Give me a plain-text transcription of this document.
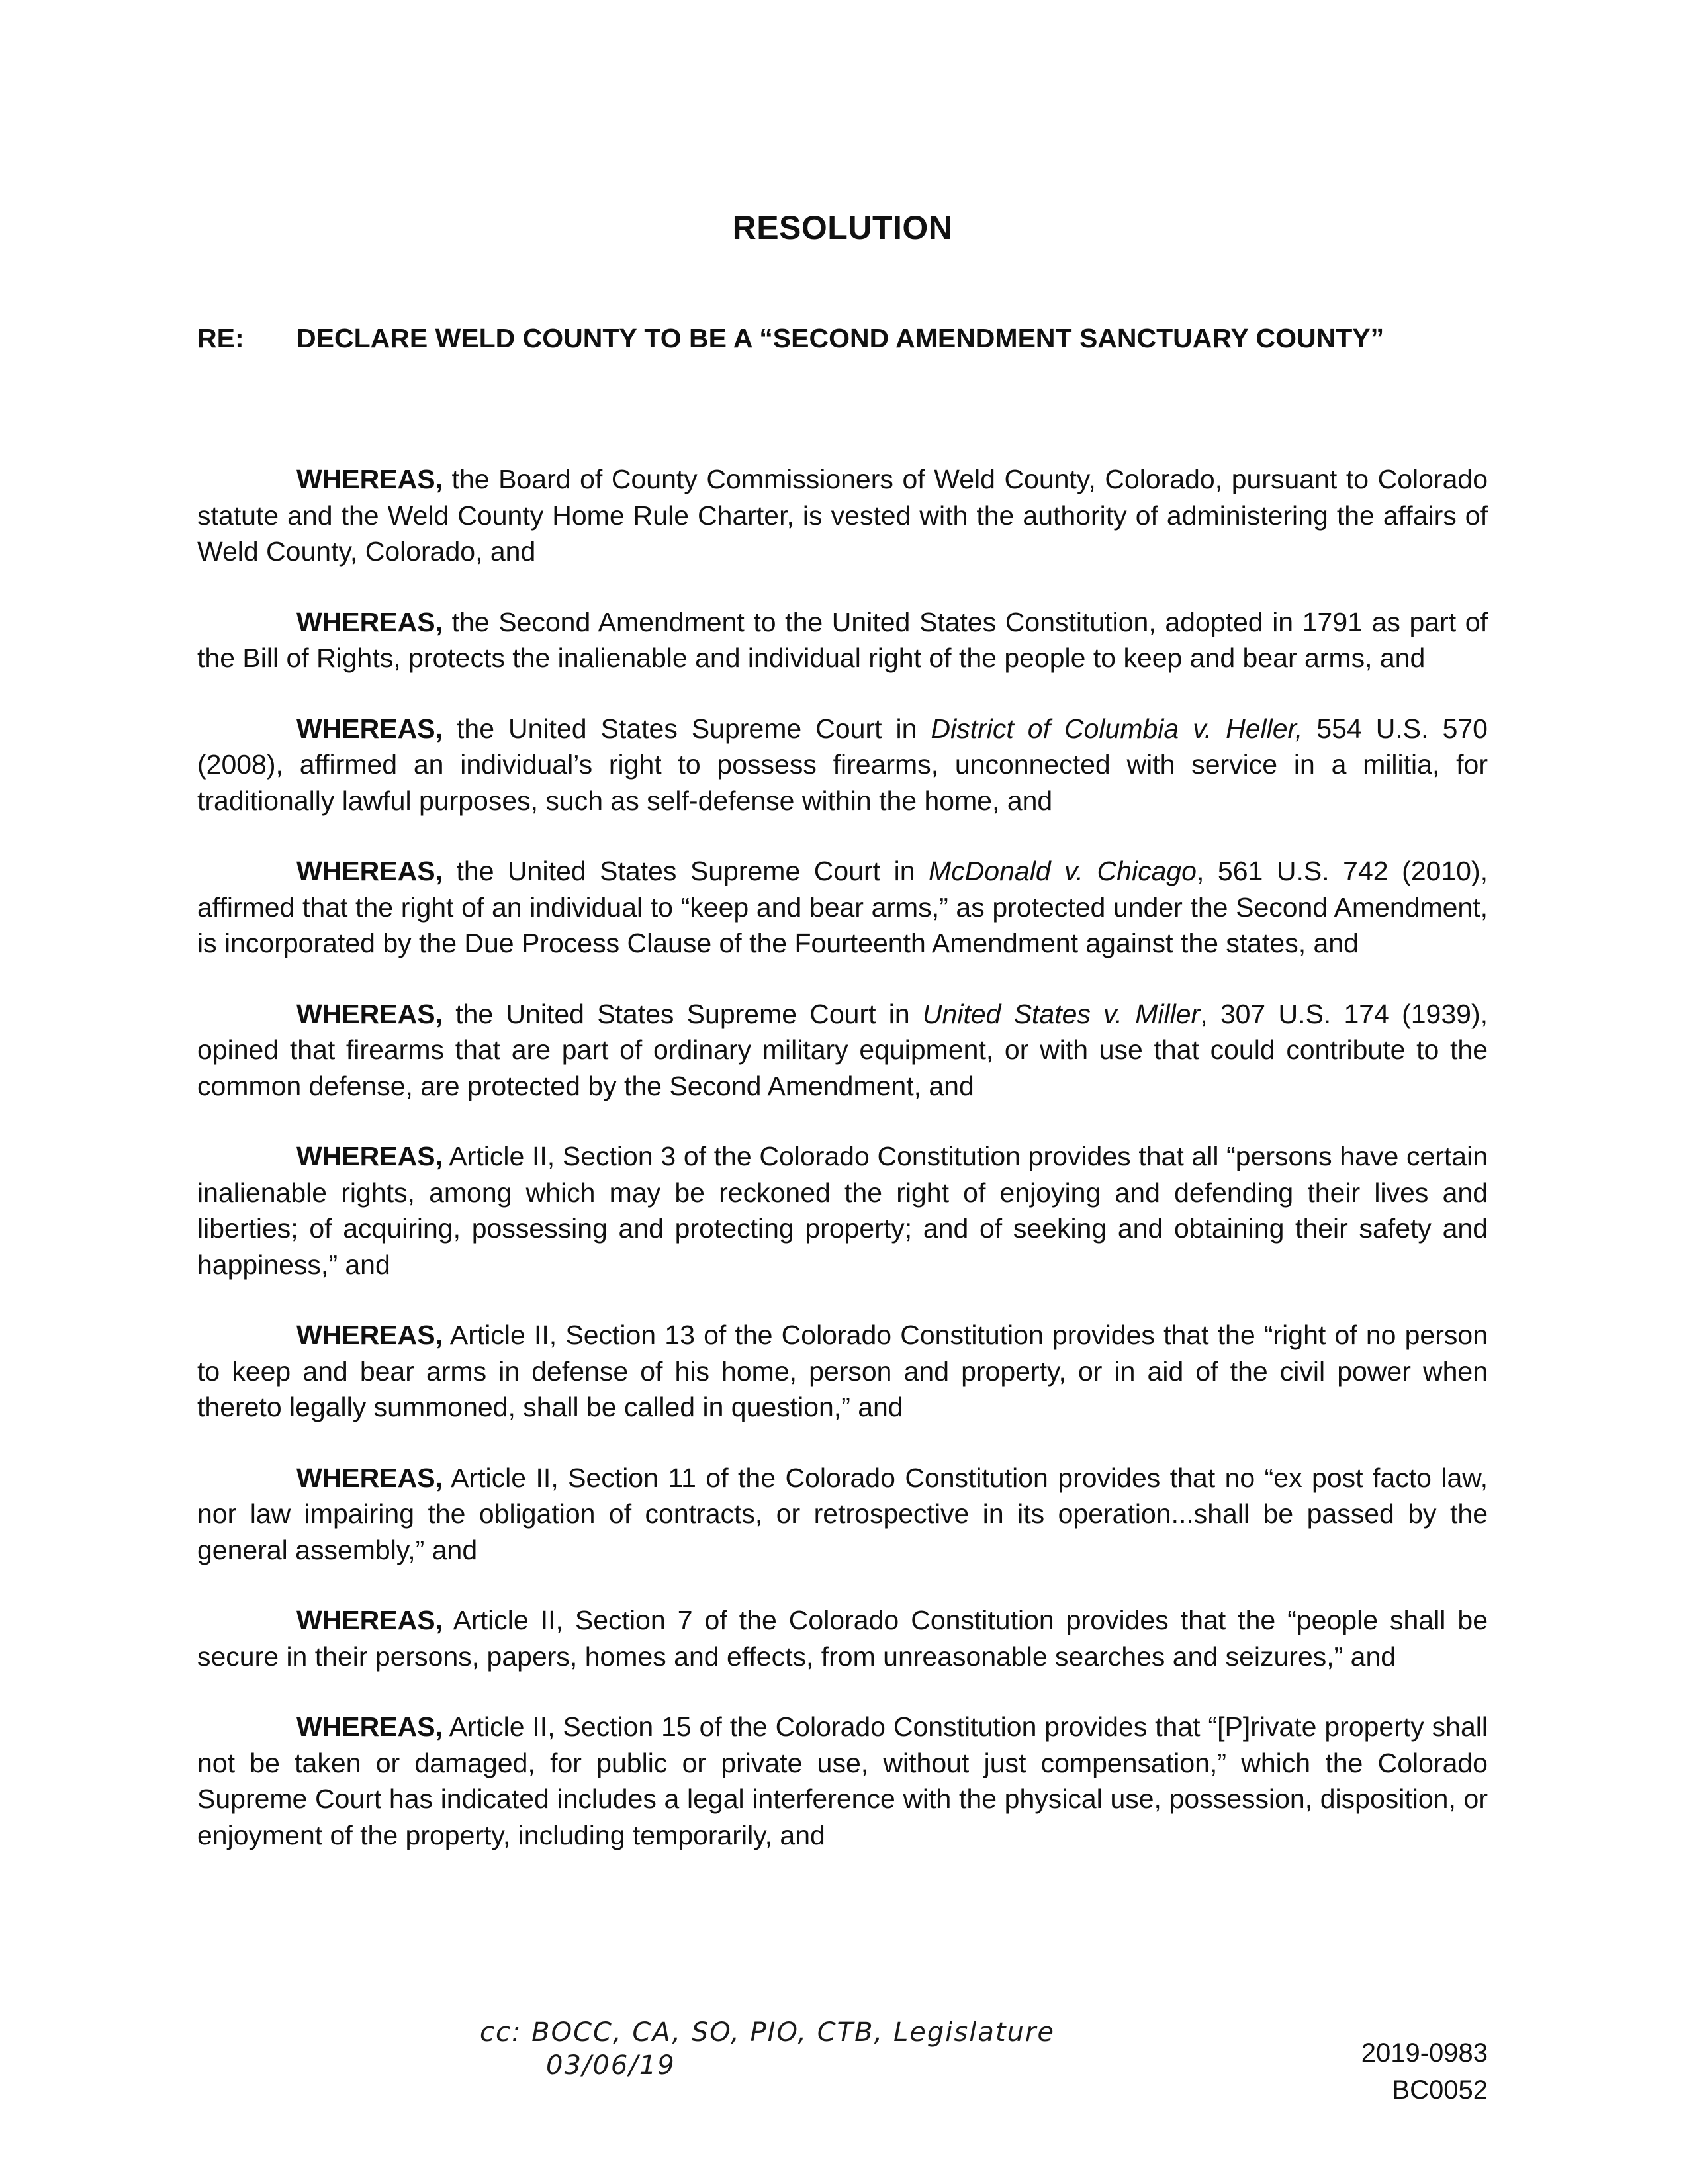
RESOLUTION
RE: DECLARE WELD COUNTY TO BE A “SECOND AMENDMENT SANCTUARY COUNTY”

WHEREAS, the Board of County Commissioners of Weld County, Colorado, pursuant to Colorado statute and the Weld County Home Rule Charter, is vested with the authority of administering the affairs of Weld County, Colorado, and

WHEREAS, the Second Amendment to the United States Constitution, adopted in 1791 as part of the Bill of Rights, protects the inalienable and individual right of the people to keep and bear arms, and

WHEREAS, the United States Supreme Court in District of Columbia v. Heller, 554 U.S. 570 (2008), affirmed an individual’s right to possess firearms, unconnected with service in a militia, for traditionally lawful purposes, such as self-defense within the home, and

WHEREAS, the United States Supreme Court in McDonald v. Chicago, 561 U.S. 742 (2010), affirmed that the right of an individual to “keep and bear arms,” as protected under the Second Amendment, is incorporated by the Due Process Clause of the Fourteenth Amendment against the states, and

WHEREAS, the United States Supreme Court in United States v. Miller, 307 U.S. 174 (1939), opined that firearms that are part of ordinary military equipment, or with use that could contribute to the common defense, are protected by the Second Amendment, and

WHEREAS, Article II, Section 3 of the Colorado Constitution provides that all “persons have certain inalienable rights, among which may be reckoned the right of enjoying and defending their lives and liberties; of acquiring, possessing and protecting property; and of seeking and obtaining their safety and happiness,” and

WHEREAS, Article II, Section 13 of the Colorado Constitution provides that the “right of no person to keep and bear arms in defense of his home, person and property, or in aid of the civil power when thereto legally summoned, shall be called in question,” and

WHEREAS, Article II, Section 11 of the Colorado Constitution provides that no “ex post facto law, nor law impairing the obligation of contracts, or retrospective in its operation...shall be passed by the general assembly,” and

WHEREAS, Article II, Section 7 of the Colorado Constitution provides that the “people shall be secure in their persons, papers, homes and effects, from unreasonable searches and seizures,” and

WHEREAS, Article II, Section 15 of the Colorado Constitution provides that “[P]rivate property shall not be taken or damaged, for public or private use, without just compensation,” which the Colorado Supreme Court has indicated includes a legal interference with the physical use, possession, disposition, or enjoyment of the property, including temporarily, and

cc: BOCC, CA, SO, PIO, CTB, Legislature
03/06/19	2019-0983
BC0052
